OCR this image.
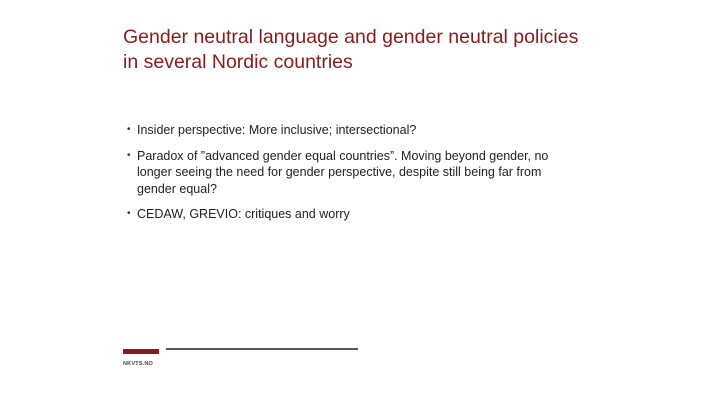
Gender neutral language and gender neutral policies
in several Nordic countries
• Insider perspective: More inclusive; intersectional?
• Paradox of ”advanced gender equal countries”. Moving beyond gender, no
longer seeing the need for gender perspective, despite still being far from
gender equal?
• CEDAW, GREVIO: critiques and worry
NKVTS.NO
